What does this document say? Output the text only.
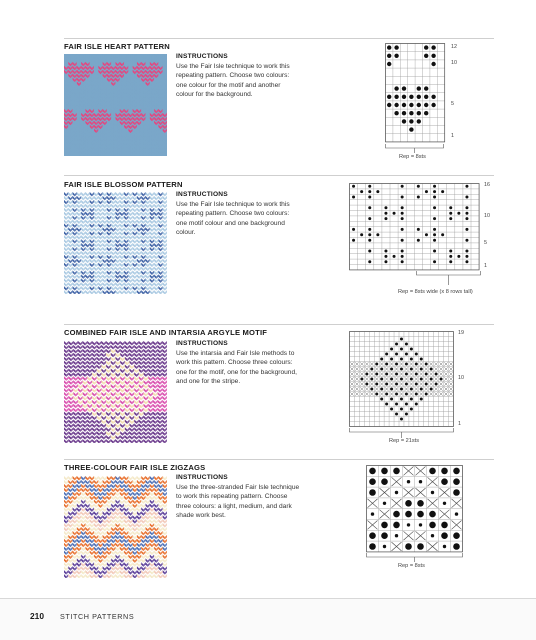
FAIR ISLE HEART PATTERN
INSTRUCTIONS

Use the Fair Isle technique to work this repeating pattern. Choose two colours: one colour for the motif and another colour for the background.

12
10
5
1
Rep = 8sts
FAIR ISLE BLOSSOM PATTERN
INSTRUCTIONS

Use the Fair Isle technique to work this repeating pattern. Choose two colours: one motif colour and one background colour.

16
10
5
1
Rep = 8sts wide (x 8 rows tall)
COMBINED FAIR ISLE AND INTARSIA ARGYLE MOTIF
INSTRUCTIONS

Use the intarsia and Fair Isle methods to work this pattern. Choose three colours: one for the motif, one for the background, and one for the stripe.

19
10
1
Rep = 21sts
THREE-COLOUR FAIR ISLE ZIGZAGS
INSTRUCTIONS

Use the three-stranded Fair Isle technique to work this repeating pattern. Choose three colours: a light, medium, and dark shade work best.

Rep = 8sts
210 STITCH PATTERNS
